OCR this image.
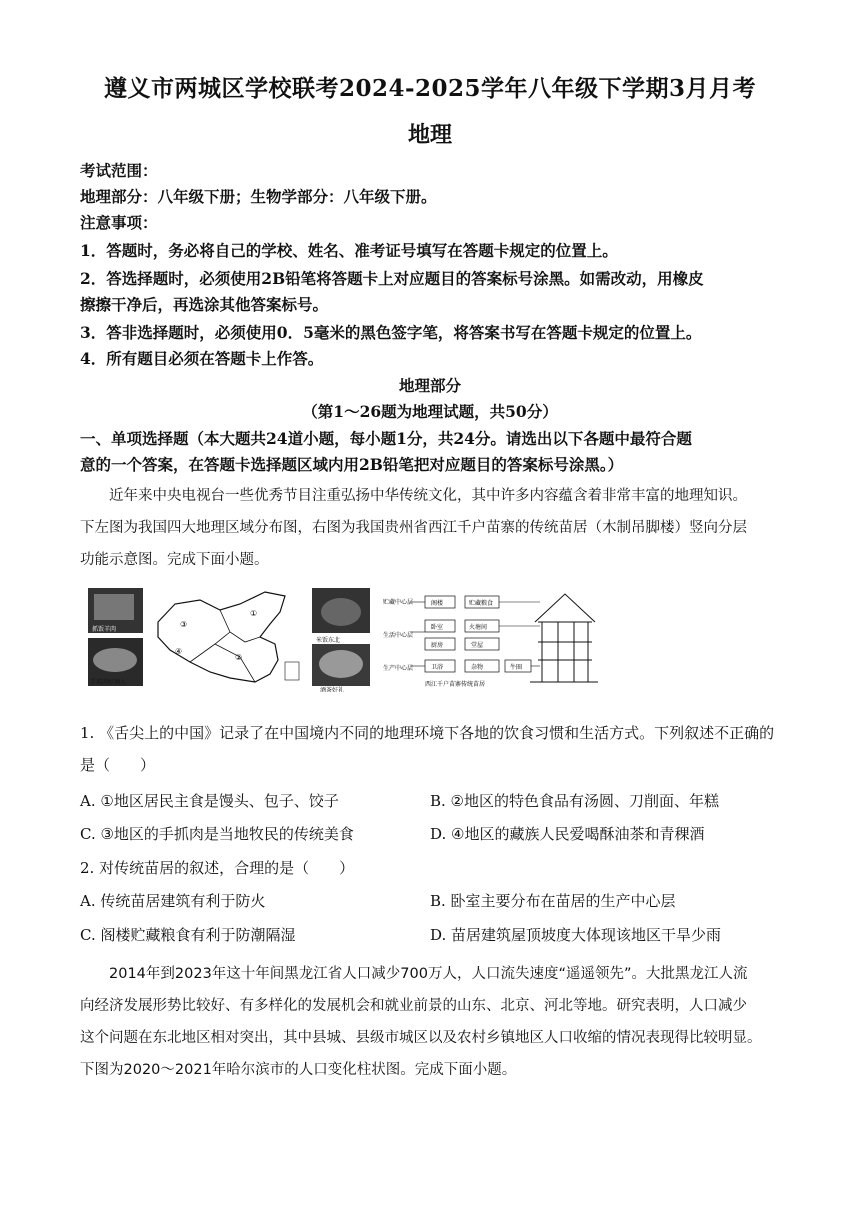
遵义市两城区学校联考2024-2025学年八年级下学期3月月考
地理
考试范围：
地理部分：八年级下册；生物学部分：八年级下册。
注意事项：
1．答题时，务必将自己的学校、姓名、准考证号填写在答题卡规定的位置上。
2．答选择题时，必须使用2B铅笔将答题卡上对应题目的答案标号涂黑。如需改动，用橡皮
擦擦干净后，再选涂其他答案标号。
3．答非选择题时，必须使用0．5毫米的黑色签字笔，将答案书写在答题卡规定的位置上。
4．所有题目必须在答题卡上作答。
地理部分
（第1～26题为地理试题，共50分）
一、单项选择题（本大题共24道小题，每小题1分，共24分。请选出以下各题中最符合题
意的一个答案，在答题卡选择题区域内用2B铅笔把对应题目的答案标号涂黑。）
近年来中央电视台一些优秀节目注重弘扬中华传统文化，其中许多内容蕴含着非常丰富的地理知识。
下左图为我国四大地理区域分布图，右图为我国贵州省西江千户苗寨的传统苗居（木制吊脚楼）竖向分层
功能示意图。完成下面小题。
抓饭羊肉
手抓肉好酒人
①
②
③
④
米饭东北
酒茶好礼
贮藏中心层
生活中心层
生产中心层
阁楼	贮藏粮食
卧室	火塘间
厨房	堂屋
卫浴	杂物	牛圈
西江千户苗寨传统苗居
1. 《舌尖上的中国》记录了在中国境内不同的地理环境下各地的饮食习惯和生活方式。下列叙述不正确的
是（　　）
A. ①地区居民主食是馒头、包子、饺子	B. ②地区的特色食品有汤圆、刀削面、年糕
C. ③地区的手抓肉是当地牧民的传统美食	D. ④地区的藏族人民爱喝酥油茶和青稞酒
2. 对传统苗居的叙述，合理的是（　　）
A. 传统苗居建筑有利于防火	B. 卧室主要分布在苗居的生产中心层
C. 阁楼贮藏粮食有利于防潮隔湿	D. 苗居建筑屋顶坡度大体现该地区干旱少雨
2014年到2023年这十年间黑龙江省人口减少700万人，人口流失速度“遥遥领先”。大批黑龙江人流
向经济发展形势比较好、有多样化的发展机会和就业前景的山东、北京、河北等地。研究表明，人口减少
这个问题在东北地区相对突出，其中县城、县级市城区以及农村乡镇地区人口收缩的情况表现得比较明显。
下图为2020～2021年哈尔滨市的人口变化柱状图。完成下面小题。
